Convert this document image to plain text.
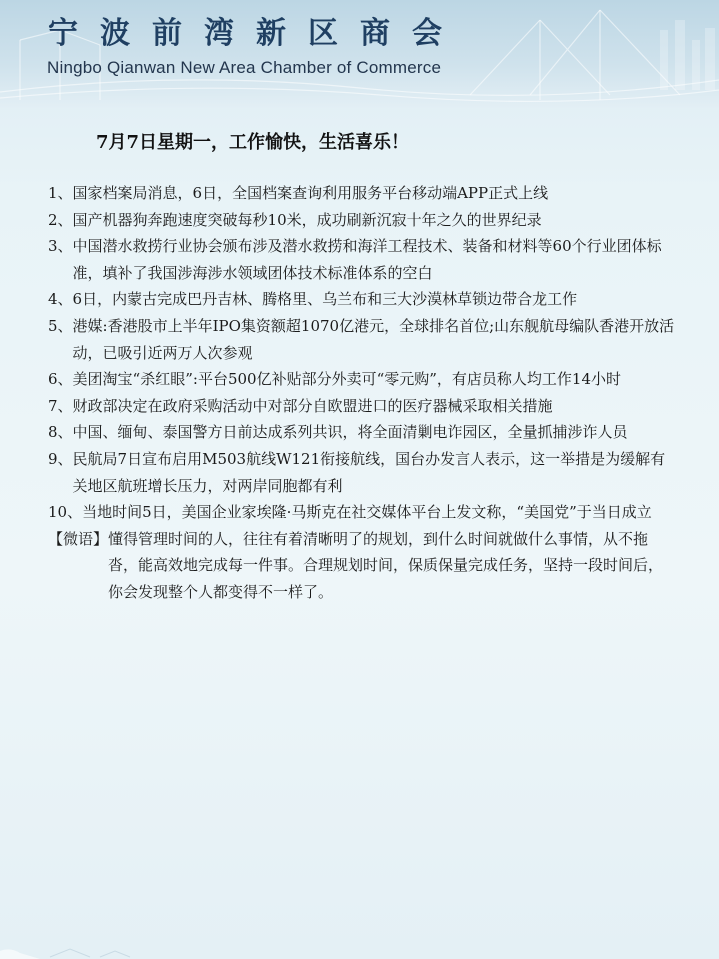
宁波前湾新区商会
Ningbo Qianwan New Area Chamber of Commerce
7月7日星期一，工作愉快，生活喜乐！
1、 国家档案局消息，6日，全国档案查询利用服务平台移动端APP正式上线
2、 国产机器狗奔跑速度突破每秒10米，成功刷新沉寂十年之久的世界纪录
3、 中国潜水救捞行业协会颁布涉及潜水救捞和海洋工程技术、装备和材料等60个行业团体标准，填补了我国涉海涉水领域团体技术标准体系的空白
4、 6日，内蒙古完成巴丹吉林、腾格里、乌兰布和三大沙漠林草锁边带合龙工作
5、 港媒:香港股市上半年IPO集资额超1070亿港元，全球排名首位;山东舰航母编队香港开放活动，已吸引近两万人次参观
6、 美团淘宝“杀红眼”:平台500亿补贴部分外卖可“零元购”，有店员称人均工作14小时
7、 财政部决定在政府采购活动中对部分自欧盟进口的医疗器械采取相关措施
8、 中国、缅甸、泰国警方日前达成系列共识，将全面清剿电诈园区，全量抓捕涉诈人员
9、 民航局7日宣布启用M503航线W121衔接航线，国台办发言人表示，这一举措是为缓解有关地区航班增长压力，对两岸同胞都有利
10、 当地时间5日，美国企业家埃隆·马斯克在社交媒体平台上发文称，“美国党”于当日成立
【微语】 懂得管理时间的人，往往有着清晰明了的规划，到什么时间就做什么事情，从不拖沓，能高效地完成每一件事。合理规划时间，保质保量完成任务，坚持一段时间后，你会发现整个人都变得不一样了。
